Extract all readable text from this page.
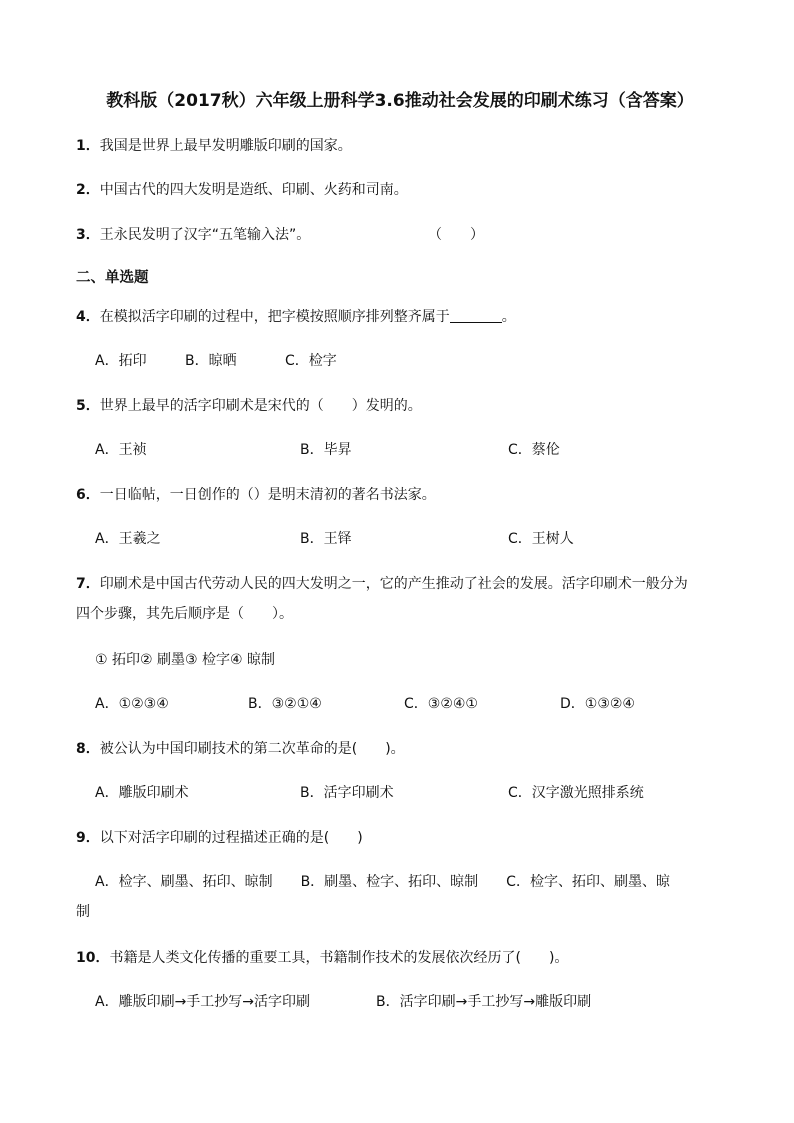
教科版（2017秋）六年级上册科学3.6推动社会发展的印刷术练习（含答案）
1．我国是世界上最早发明雕版印刷的国家。
2．中国古代的四大发明是造纸、印刷、火药和司南。
3．王永民发明了汉字“五笔输入法”。	（　　）
二、单选题
4．在模拟活字印刷的过程中，把字模按照顺序排列整齐属于	。
A．拓印	B．晾晒	C．检字
5．世界上最早的活字印刷术是宋代的（　　）发明的。
A．王祯	B．毕昇	C．蔡伦
6．一日临帖，一日创作的（）是明末清初的著名书法家。
A．王羲之	B．王铎	C．王树人
7．印刷术是中国古代劳动人民的四大发明之一，它的产生推动了社会的发展。活字印刷术一般分为
四个步骤，其先后顺序是（　　）。
① 拓印② 刷墨③ 检字④ 晾制
A．①②③④	B．③②①④	C．③②④①	D．①③②④
8．被公认为中国印刷技术的第二次革命的是(　　)。
A．雕版印刷术	B．活字印刷术	C．汉字激光照排系统
9．以下对活字印刷的过程描述正确的是(　　)
A．检字、刷墨、拓印、晾制　　B．刷墨、检字、拓印、晾制　　C．检字、拓印、刷墨、晾
制
10．书籍是人类文化传播的重要工具，书籍制作技术的发展依次经历了(　　)。
A．雕版印刷→手工抄写→活字印刷	B．活字印刷→手工抄写→雕版印刷
